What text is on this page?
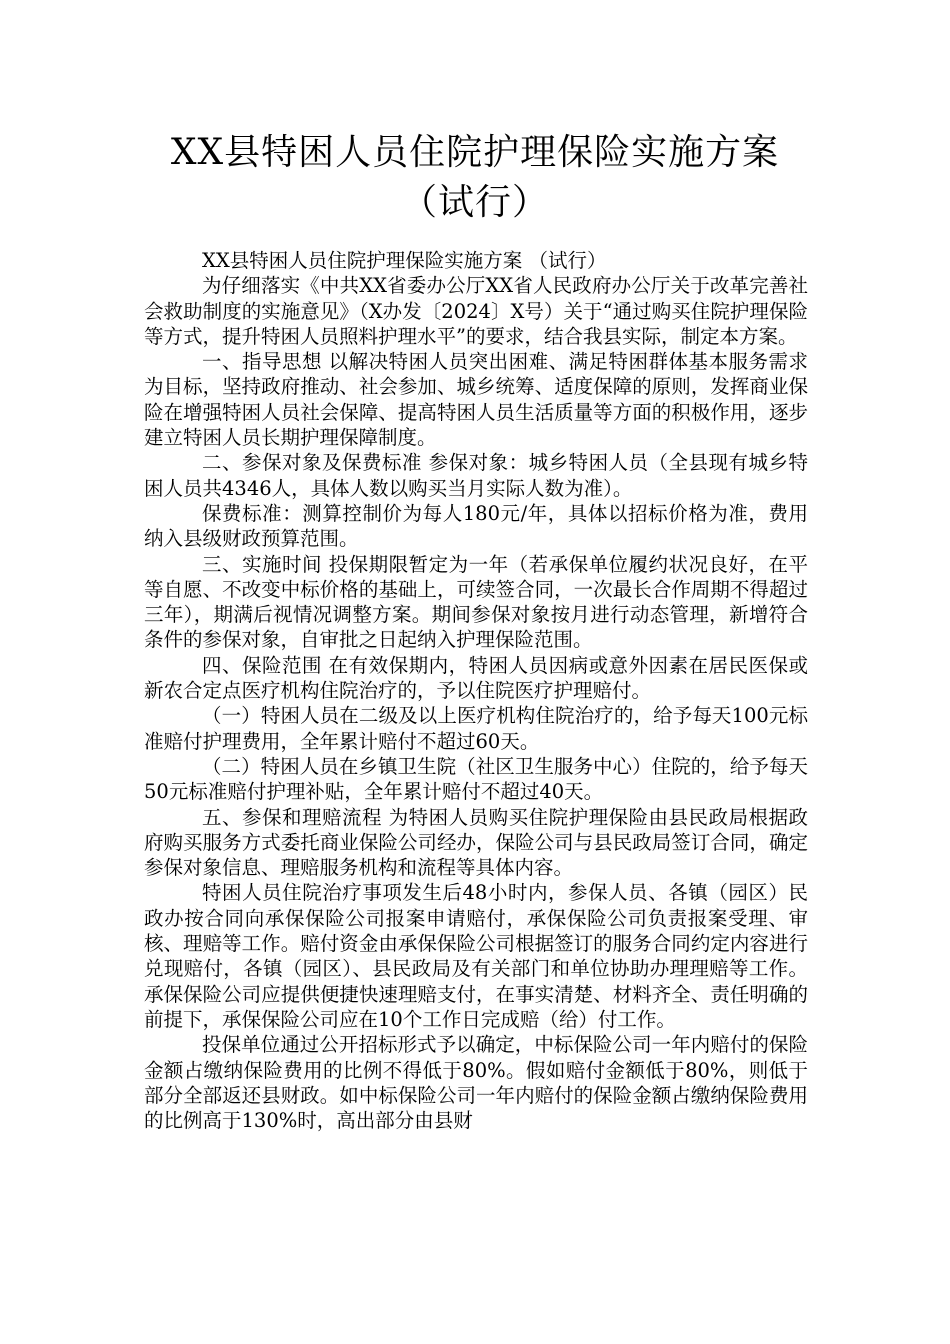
XX县特困人员住院护理保险实施方案（试行）

XX县特困人员住院护理保险实施方案 （试行）

为仔细落实《中共XX省委办公厅XX省人民政府办公厅关于改革完善社会救助制度的实施意见》（X办发〔2024〕X号）关于“通过购买住院护理保险等方式，提升特困人员照料护理水平”的要求，结合我县实际，制定本方案。

一、指导思想 以解决特困人员突出困难、满足特困群体基本服务需求为目标，坚持政府推动、社会参加、城乡统筹、适度保障的原则，发挥商业保险在增强特困人员社会保障、提高特困人员生活质量等方面的积极作用，逐步建立特困人员长期护理保障制度。

二、参保对象及保费标准 参保对象：城乡特困人员（全县现有城乡特困人员共4346人，具体人数以购买当月实际人数为准）。

保费标准：测算控制价为每人180元/年，具体以招标价格为准，费用纳入县级财政预算范围。

三、实施时间 投保期限暂定为一年（若承保单位履约状况良好，在平等自愿、不改变中标价格的基础上，可续签合同，一次最长合作周期不得超过三年），期满后视情况调整方案。期间参保对象按月进行动态管理，新增符合条件的参保对象，自审批之日起纳入护理保险范围。

四、保险范围 在有效保期内，特困人员因病或意外因素在居民医保或新农合定点医疗机构住院治疗的，予以住院医疗护理赔付。

（一）特困人员在二级及以上医疗机构住院治疗的，给予每天100元标准赔付护理费用，全年累计赔付不超过60天。

（二）特困人员在乡镇卫生院（社区卫生服务中心）住院的，给予每天50元标准赔付护理补贴，全年累计赔付不超过40天。

五、参保和理赔流程 为特困人员购买住院护理保险由县民政局根据政府购买服务方式委托商业保险公司经办，保险公司与县民政局签订合同，确定参保对象信息、理赔服务机构和流程等具体内容。

特困人员住院治疗事项发生后48小时内，参保人员、各镇（园区）民政办按合同向承保保险公司报案申请赔付，承保保险公司负责报案受理、审核、理赔等工作。赔付资金由承保保险公司根据签订的服务合同约定内容进行兑现赔付，各镇（园区）、县民政局及有关部门和单位协助办理理赔等工作。承保保险公司应提供便捷快速理赔支付，在事实清楚、材料齐全、责任明确的前提下，承保保险公司应在10个工作日完成赔（给）付工作。

投保单位通过公开招标形式予以确定，中标保险公司一年内赔付的保险金额占缴纳保险费用的比例不得低于80%。假如赔付金额低于80%，则低于部分全部返还县财政。如中标保险公司一年内赔付的保险金额占缴纳保险费用的比例高于130%时，高出部分由县财
